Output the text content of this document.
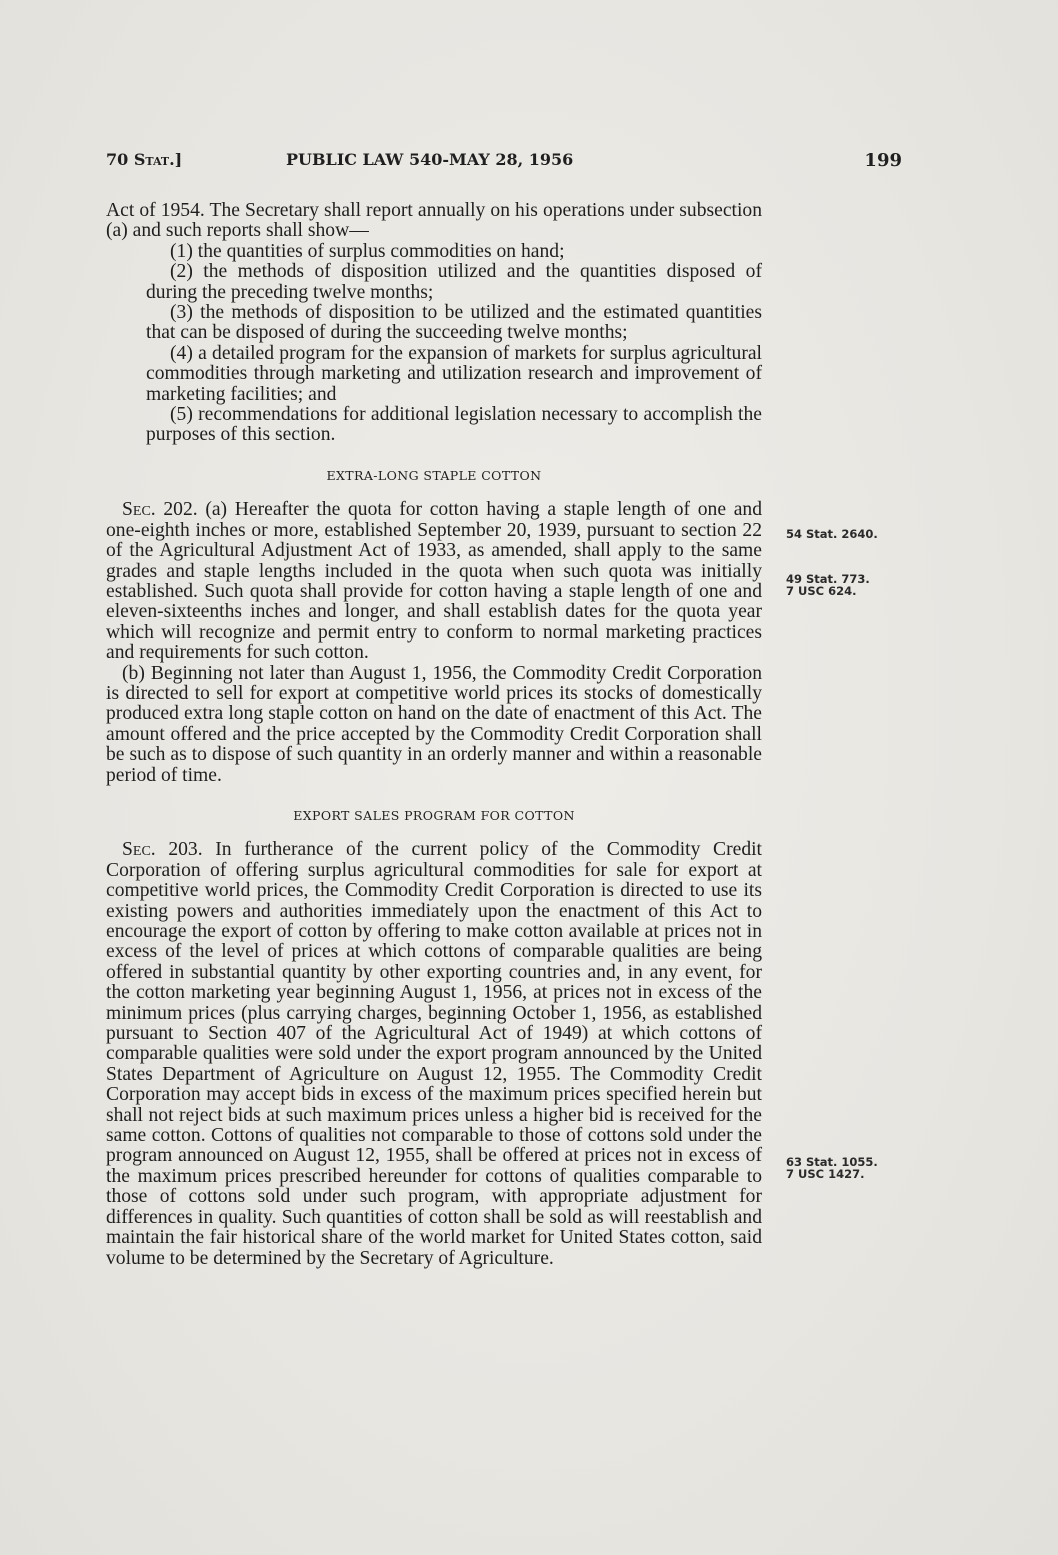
70 Stat.]	PUBLIC LAW 540-MAY 28, 1956	199

Act of 1954. The Secretary shall report annually on his operations under subsection (a) and such reports shall show—

(1) the quantities of surplus commodities on hand;

(2) the methods of disposition utilized and the quantities disposed of during the preceding twelve months;

(3) the methods of disposition to be utilized and the estimated quantities that can be disposed of during the succeeding twelve months;

(4) a detailed program for the expansion of markets for surplus agricultural commodities through marketing and utilization research and improvement of marketing facilities; and

(5) recommendations for additional legislation necessary to accomplish the purposes of this section.

EXTRA-LONG STAPLE COTTON

Sec. 202. (a) Hereafter the quota for cotton having a staple length of one and one-eighth inches or more, established September 20, 1939, pursuant to section 22 of the Agricultural Adjustment Act of 1933, as amended, shall apply to the same grades and staple lengths included in the quota when such quota was initially established. Such quota shall provide for cotton having a staple length of one and eleven-sixteenths inches and longer, and shall establish dates for the quota year which will recognize and permit entry to conform to normal marketing practices and requirements for such cotton.

(b) Beginning not later than August 1, 1956, the Commodity Credit Corporation is directed to sell for export at competitive world prices its stocks of domestically produced extra long staple cotton on hand on the date of enactment of this Act. The amount offered and the price accepted by the Commodity Credit Corporation shall be such as to dispose of such quantity in an orderly manner and within a reasonable period of time.

EXPORT SALES PROGRAM FOR COTTON

Sec. 203. In furtherance of the current policy of the Commodity Credit Corporation of offering surplus agricultural commodities for sale for export at competitive world prices, the Commodity Credit Corporation is directed to use its existing powers and authorities immediately upon the enactment of this Act to encourage the export of cotton by offering to make cotton available at prices not in excess of the level of prices at which cottons of comparable qualities are being offered in substantial quantity by other exporting countries and, in any event, for the cotton marketing year beginning August 1, 1956, at prices not in excess of the minimum prices (plus carrying charges, beginning October 1, 1956, as established pursuant to Section 407 of the Agricultural Act of 1949) at which cottons of comparable qualities were sold under the export program announced by the United States Department of Agriculture on August 12, 1955. The Commodity Credit Corporation may accept bids in excess of the maximum prices specified herein but shall not reject bids at such maximum prices unless a higher bid is received for the same cotton. Cottons of qualities not comparable to those of cottons sold under the program announced on August 12, 1955, shall be offered at prices not in excess of the maximum prices prescribed hereunder for cottons of qualities comparable to those of cottons sold under such program, with appropriate adjustment for differences in quality. Such quantities of cotton shall be sold as will reestablish and maintain the fair historical share of the world market for United States cotton, said volume to be determined by the Secretary of Agriculture.

54 Stat. 2640.
49 Stat. 773.
7 USC 624.
63 Stat. 1055.
7 USC 1427.
